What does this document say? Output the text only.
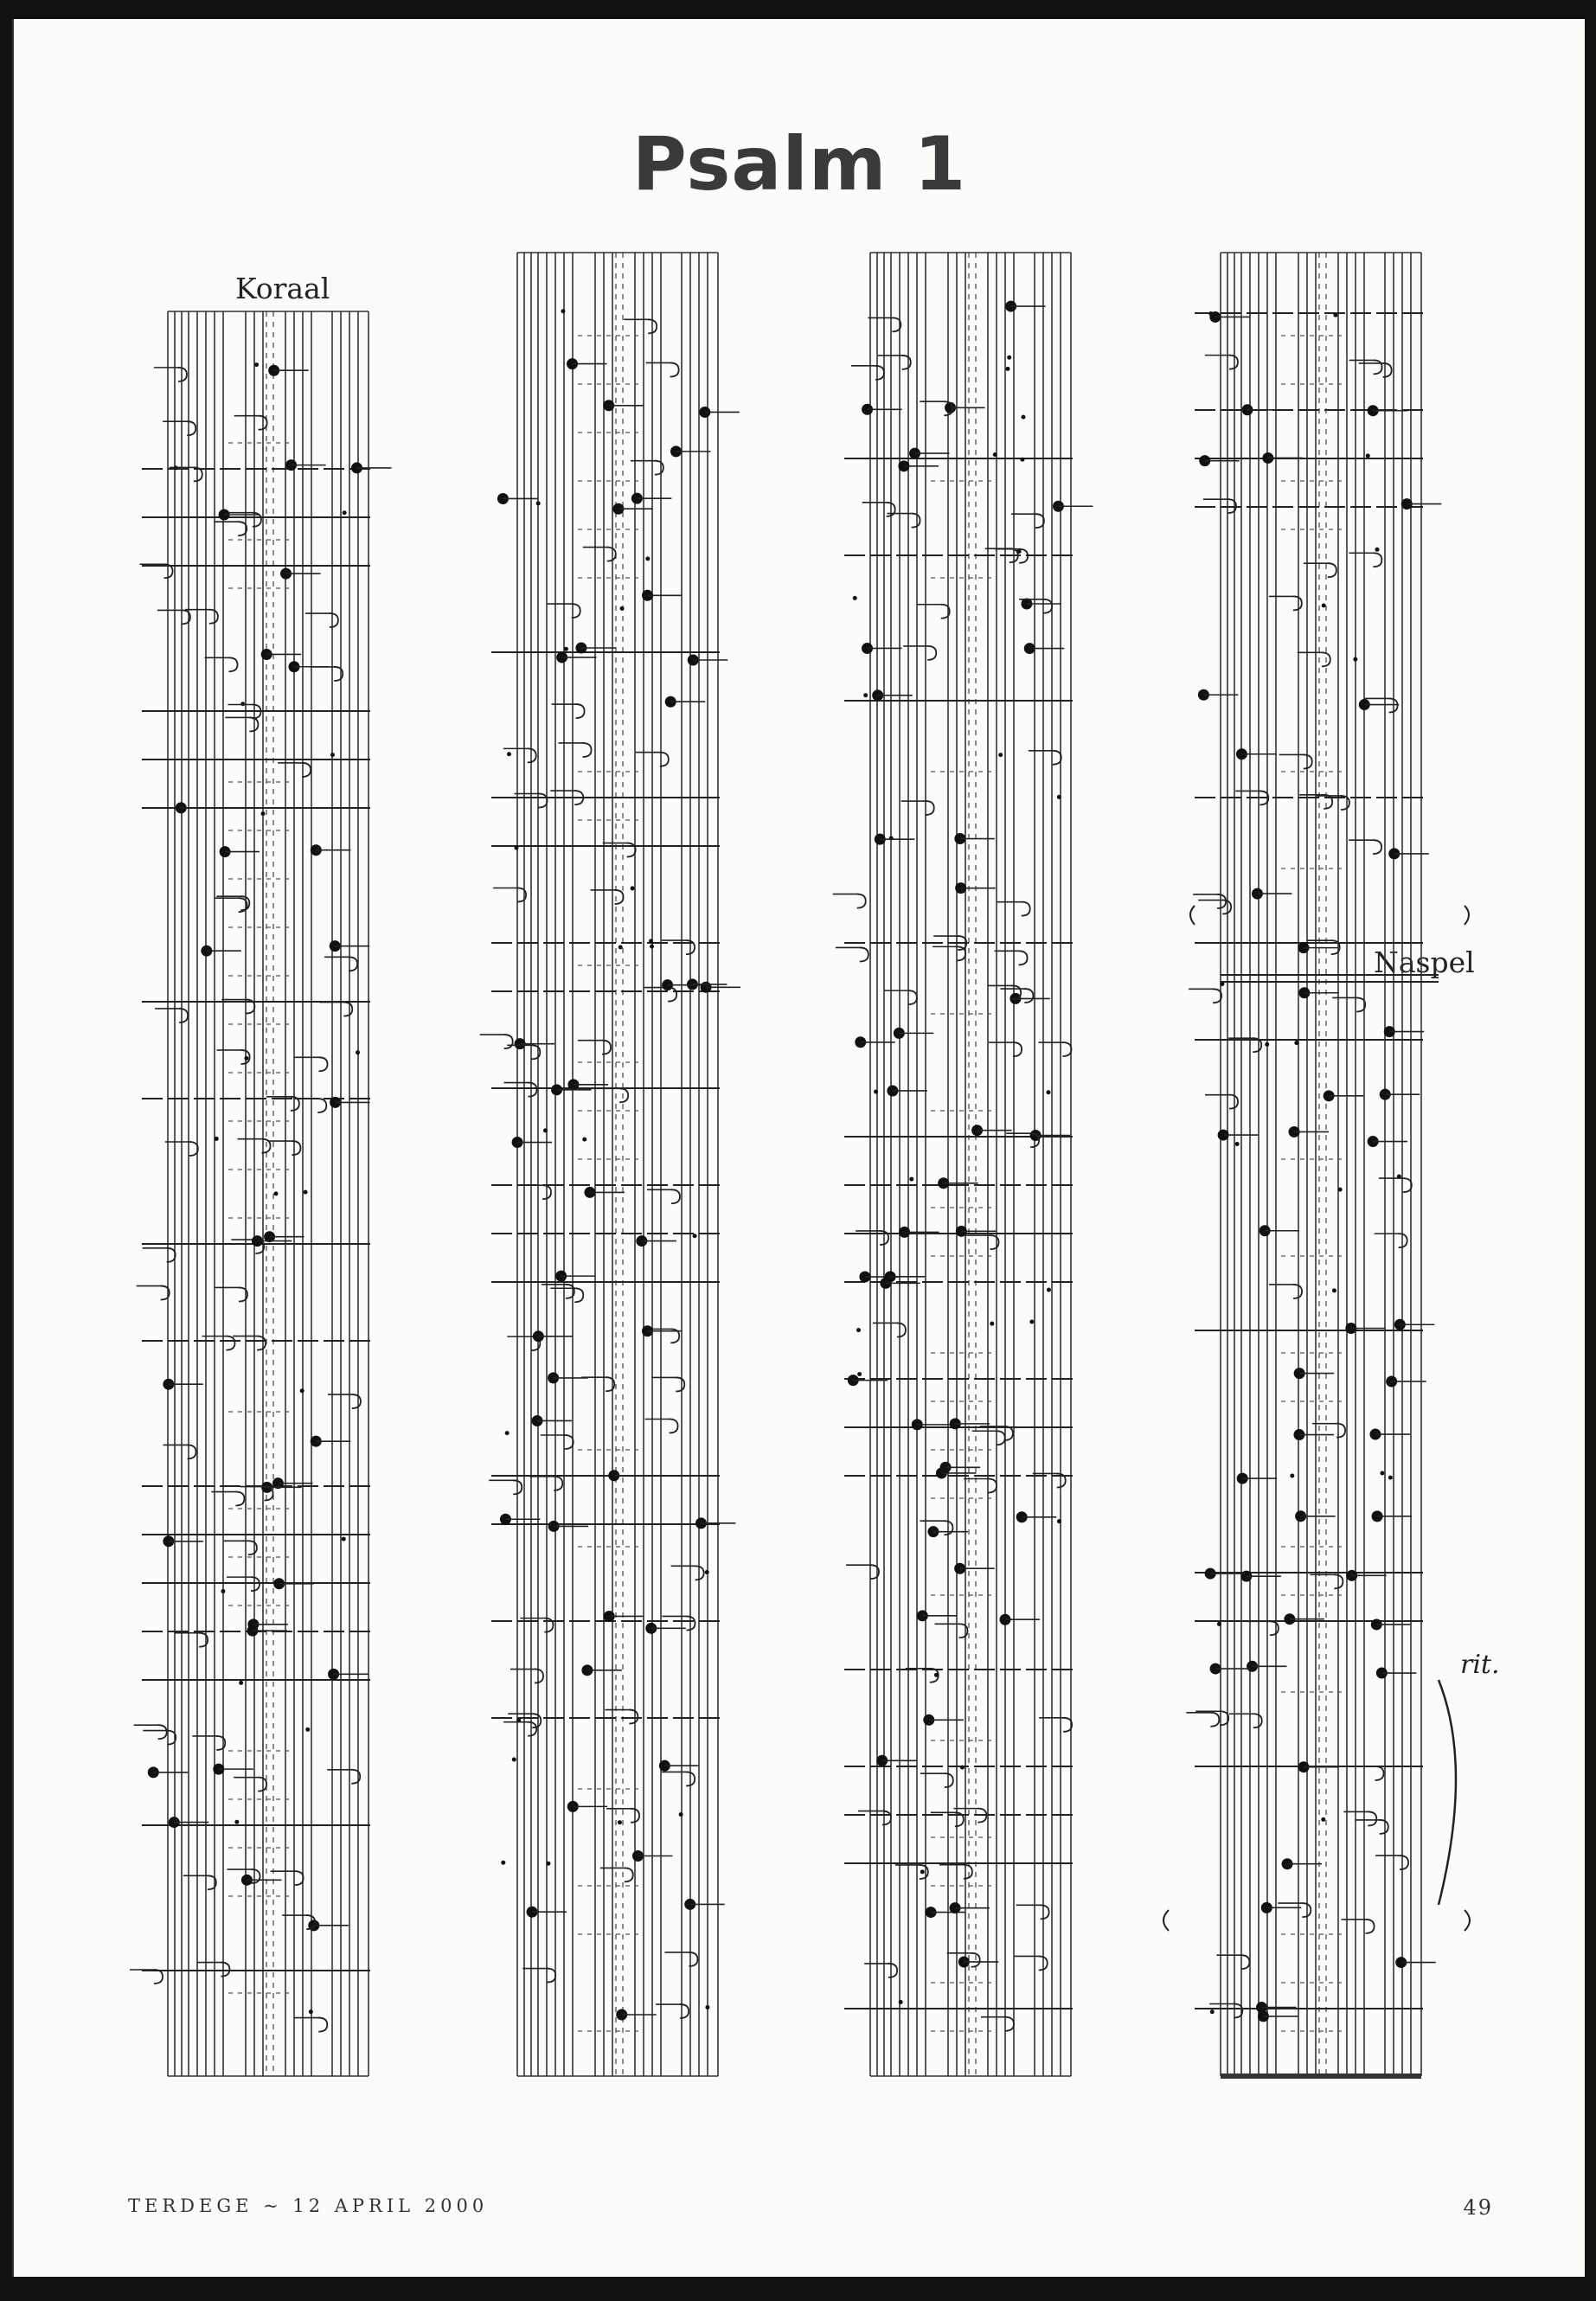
Psalm 1
Koraal
Naspel
rit.
TERDEGE ~ 12 APRIL 2000	49
